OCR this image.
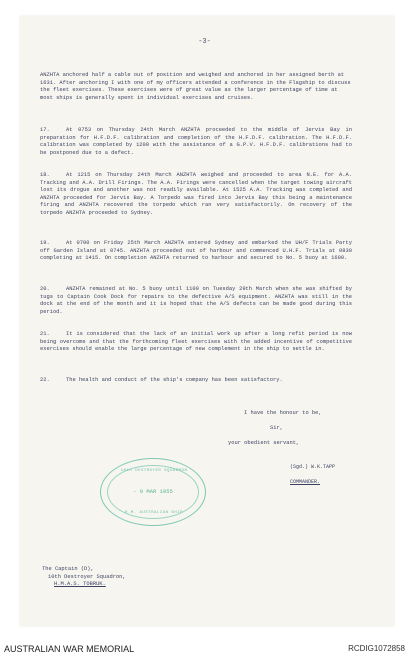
-3-
ANZHTA anchored half a cable out of position and weighed and anchored in her assigned berth at 1631. After anchoring I with one of my officers attended a conference in the Flagship to discuss the fleet exercises. These exercises were of great value as the larger percentage of time at most ships is generally spent in individual exercises and cruises.
17.	At 0753 on Thursday 24th March ANZHTA proceeded to the middle of Jervis Bay in preparation for H.F.D.F. calibration and completion of the H.F.D.F. calibration. The H.F.D.F. calibration was completed by 1200 with the assistance of a G.P.V. H.F.D.F. calibrations had to be postponed due to a defect.
18.	At 1215 on Thursday 24th March ANZHTA weighed and proceeded to area N.E. for A.A. Tracking and A.A. Drill Firings. The A.A. Firings were cancelled when the target towing aircraft lost its drogue and another was not readily available. At 1525 A.A. Tracking was completed and ANZHTA proceeded for Jervis Bay. A Torpedo was fired into Jervis Bay this being a maintenance firing and ANZHTA recovered the torpedo which ran very satisfactorily. On recovery of the torpedo ANZHTA proceeded to Sydney.
19.	At 0700 on Friday 25th March ANZHTA entered Sydney and embarked the UH/F Trials Party off Garden Island at 0745. ANZHTA proceeded out of harbour and commenced U.H.F. Trials at 0830 completing at 1415. On completion ANZHTA returned to harbour and secured to No. 5 buoy at 1600.
20.	ANZHTA remained at No. 5 buoy until 1100 on Tuesday 29th March when she was shifted by tugs to Captain Cook Dock for repairs to the defective A/S equipment. ANZHTA was still in the dock at the end of the month and it is hoped that the A/S defects can be made good during this period.
21.	It is considered that the lack of an initial work up after a long refit period is now being overcome and that the forthcoming fleet exercises with the added incentive of competitive exercises should enable the large percentage of new complement in the ship to settle in.
22.	The health and conduct of the ship's company has been satisfactory.
I have the honour to be,
Sir,
your obedient servant,
(Sgd.) W.K.TAPP
COMMANDER.
10th DESTROYER SQUADRON
- 9 MAR 1955
H.M. AUSTRALIAN SHIP
The Captain (D),
10th Destroyer Squadron,
H.M.A.S. TOBRUK.
AUSTRALIAN WAR MEMORIAL	RCDIG1072858
